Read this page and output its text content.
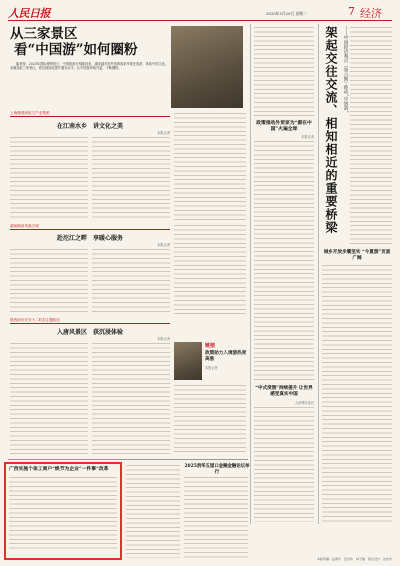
人民日报	2025年5月20日 星期二	7 经济
从三家景区
看“中国游”如何圈粉
编者按：2025年国际博物馆日、中国旅游日相继到来，越来越多的外国游客来华观光旅游、体验中国文化。本版选取三家景区，看各地如何提升服务水平，让中国游持续升温、不断圈粉。
上海豫园商旅文产业集团
在江南水乡　讲文化之美
本报记者
湖南湘西凤凰古城
赴沱江之畔　享暖心服务
本报记者
陕西西安长安十二时辰主题街区
入唐风景区　获沉浸体验
本报记者
链接
政策助力入境游热度高涨
本报记者
政策推动外贸家为“源在中国”火遍全球
本报记者
“中式度假”持续提升 让世界感受真实中国
人民网评论员
架起交往交流、相知相近的重要桥梁	——中国经济观点（第六期）·推动“中国游”
城乡开放步履坚实 “今夏游”页面广阔
广西实施个体工商户“焕节为企业”一件事“改革	2025消华五道口金融金融论坛举行
本版责编：赵鸿宇　张世华　林子璇　版式设计：沈亦伶
